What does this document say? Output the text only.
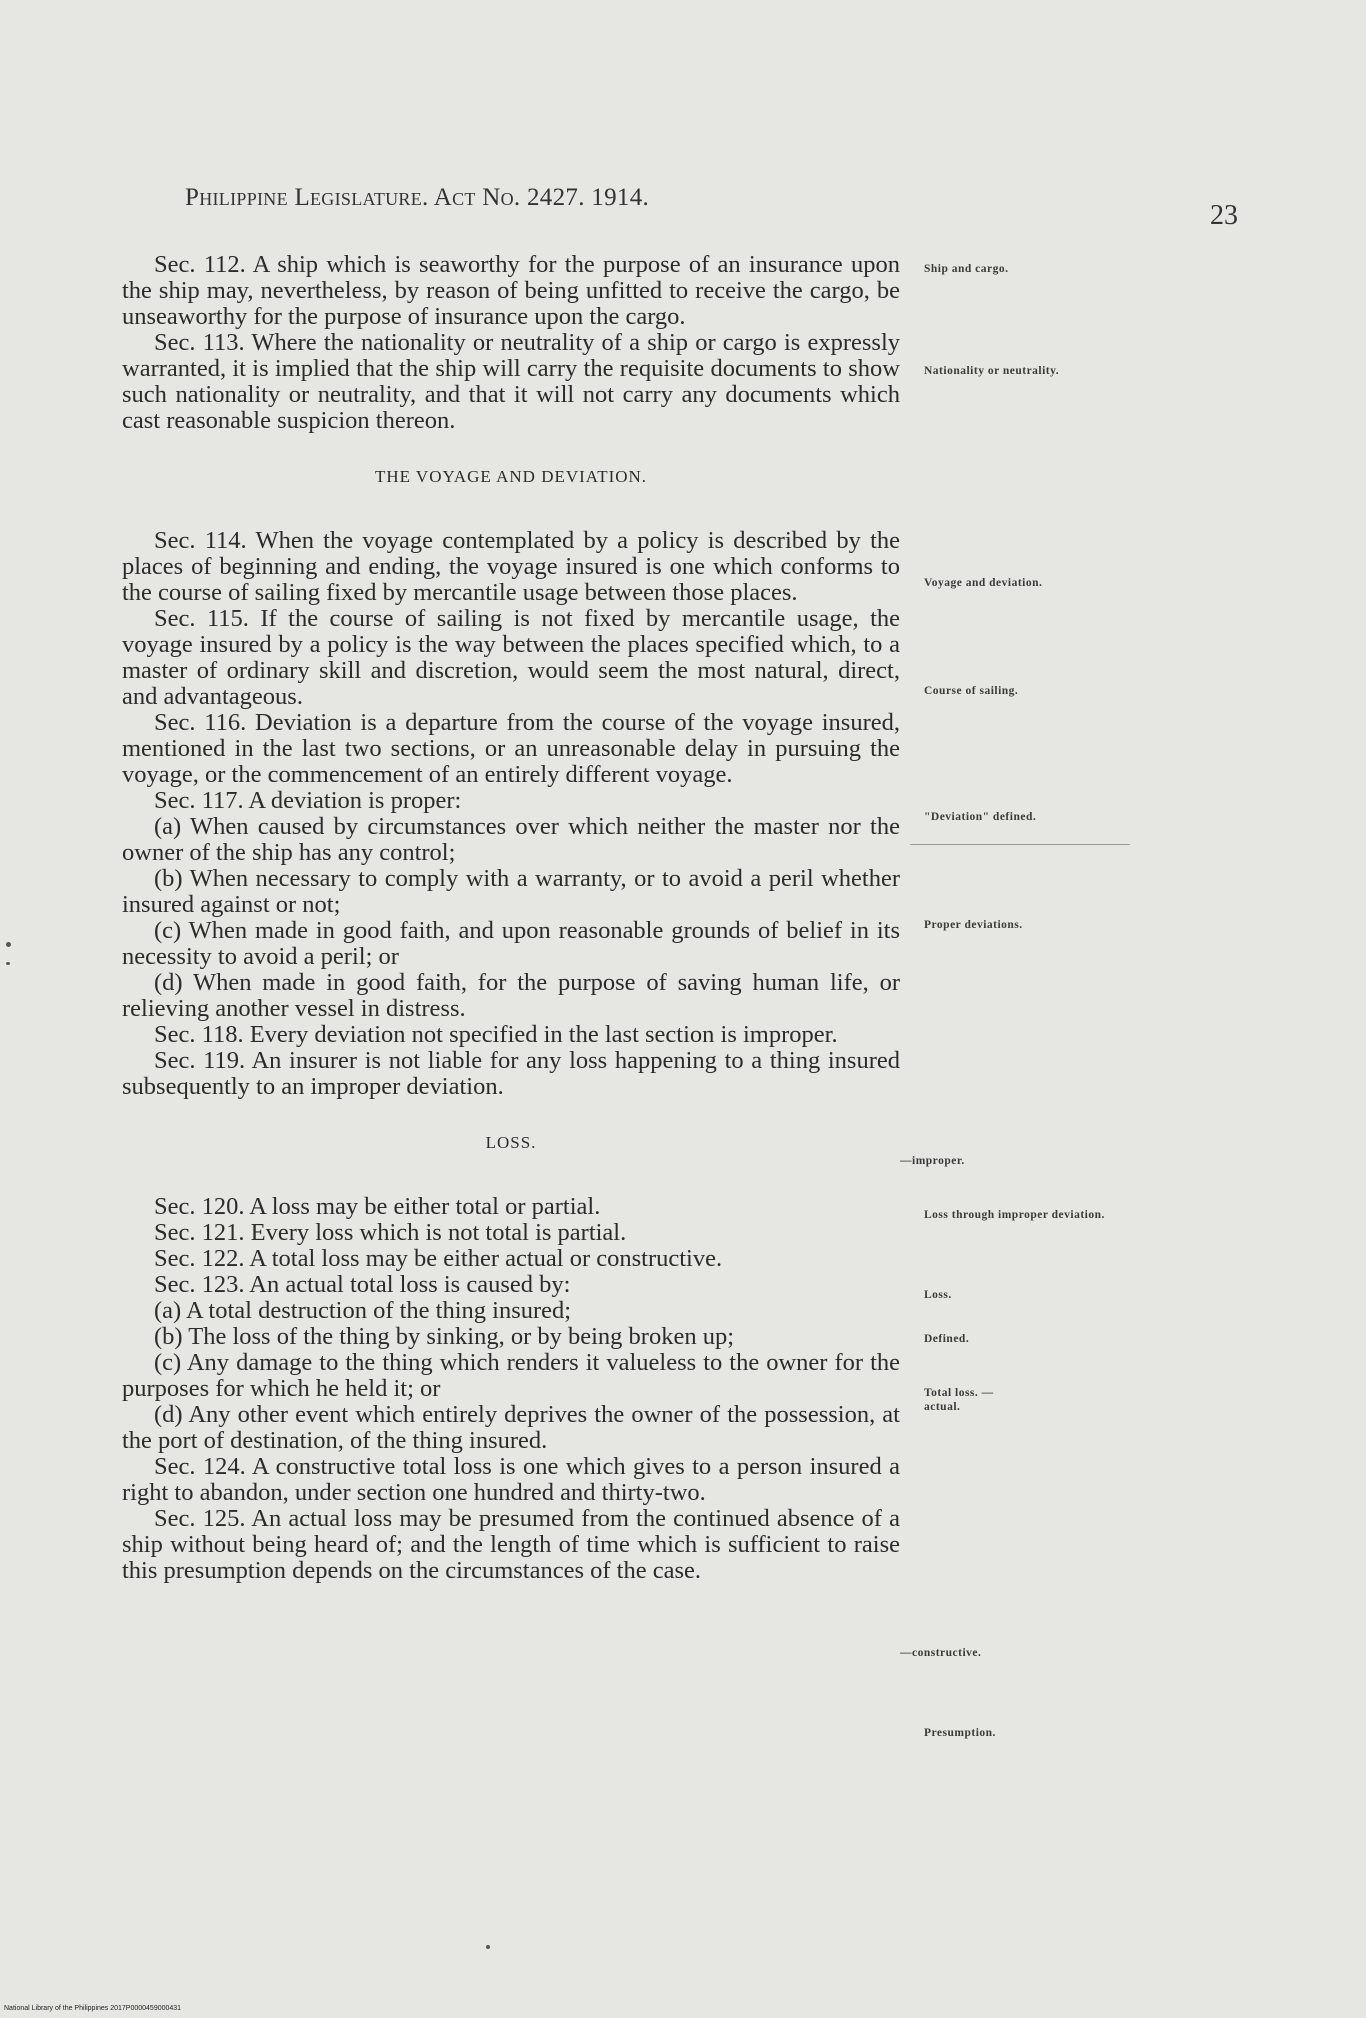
Philippine Legislature. Act No. 2427. 1914.
23

Sec. 112. A ship which is seaworthy for the purpose of an insurance upon the ship may, nevertheless, by reason of being unfitted to receive the cargo, be unseaworthy for the purpose of insurance upon the cargo.

Sec. 113. Where the nationality or neutrality of a ship or cargo is expressly warranted, it is implied that the ship will carry the requisite documents to show such nationality or neutrality, and that it will not carry any documents which cast reasonable suspicion thereon.

THE VOYAGE AND DEVIATION.

Sec. 114. When the voyage contemplated by a policy is described by the places of beginning and ending, the voyage insured is one which conforms to the course of sailing fixed by mercantile usage between those places.

Sec. 115. If the course of sailing is not fixed by mercantile usage, the voyage insured by a policy is the way between the places specified which, to a master of ordinary skill and discretion, would seem the most natural, direct, and advantageous.

Sec. 116. Deviation is a departure from the course of the voyage insured, mentioned in the last two sections, or an unreasonable delay in pursuing the voyage, or the commencement of an entirely different voyage.

Sec. 117. A deviation is proper:

(a) When caused by circumstances over which neither the master nor the owner of the ship has any control;

(b) When necessary to comply with a warranty, or to avoid a peril whether insured against or not;

(c) When made in good faith, and upon reasonable grounds of belief in its necessity to avoid a peril; or

(d) When made in good faith, for the purpose of saving human life, or relieving another vessel in distress.

Sec. 118. Every deviation not specified in the last section is improper.

Sec. 119. An insurer is not liable for any loss happening to a thing insured subsequently to an improper deviation.

LOSS.

Sec. 120. A loss may be either total or partial.

Sec. 121. Every loss which is not total is partial.

Sec. 122. A total loss may be either actual or constructive.

Sec. 123. An actual total loss is caused by:

(a) A total destruction of the thing insured;

(b) The loss of the thing by sinking, or by being broken up;

(c) Any damage to the thing which renders it valueless to the owner for the purposes for which he held it; or

(d) Any other event which entirely deprives the owner of the possession, at the port of destination, of the thing insured.

Sec. 124. A constructive total loss is one which gives to a person insured a right to abandon, under section one hundred and thirty-two.

Sec. 125. An actual loss may be presumed from the continued absence of a ship without being heard of; and the length of time which is sufficient to raise this presumption depends on the circumstances of the case.

Ship and cargo.
Nationality or neutrality.
Voyage and deviation.
Course of sailing.
"Deviation" defined.
Proper deviations.
—improper.
Loss through improper deviation.
Loss.
Defined.
Total loss. —actual.
—constructive.
Presumption.
National Library of the Philippines 2017P0000459000431
